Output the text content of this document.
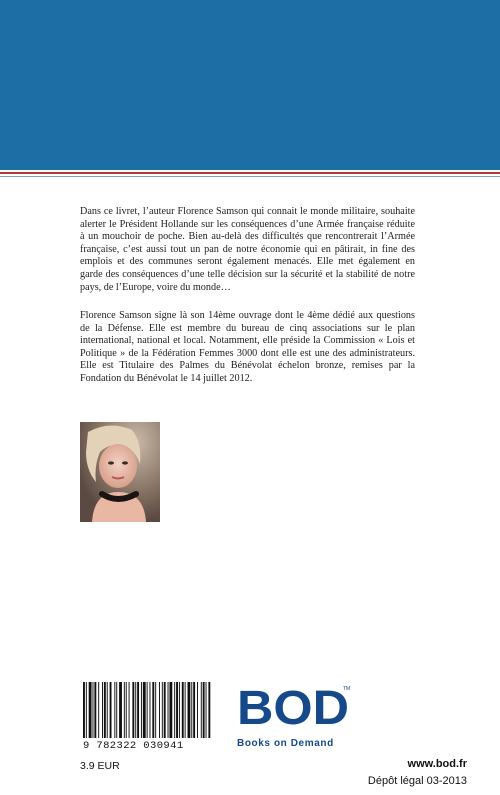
Dans ce livret, l’auteur Florence Samson qui connait le monde militaire, souhaite alerter le Président Hollande sur les conséquences d’une Armée française réduite à un mouchoir de poche. Bien au-delà des difficultés que rencontrerait l’Armée française, c’est aussi tout un pan de notre économie qui en pâtirait, in fine des emplois et des communes seront également menacés. Elle met également en garde des conséquences d’une telle décision sur la sécurité et la stabilité de notre pays, de l’Europe, voire du monde…

Florence Samson signe là son 14ème ouvrage dont le 4ème dédié aux questions de la Défense. Elle est membre du bureau de cinq associations sur le plan international, national et local. Notamment, elle préside la Commission « Lois et Politique » de la Fédération Femmes 3000 dont elle est une des administrateurs. Elle est Titulaire des Palmes du Bénévolat échelon bronze, remises par la Fondation du Bénévolat le 14 juillet 2012.

9 782322 030941
3.9 EUR
BOD
TM
Books on Demand
www.bod.fr
Dépôt légal 03-2013
